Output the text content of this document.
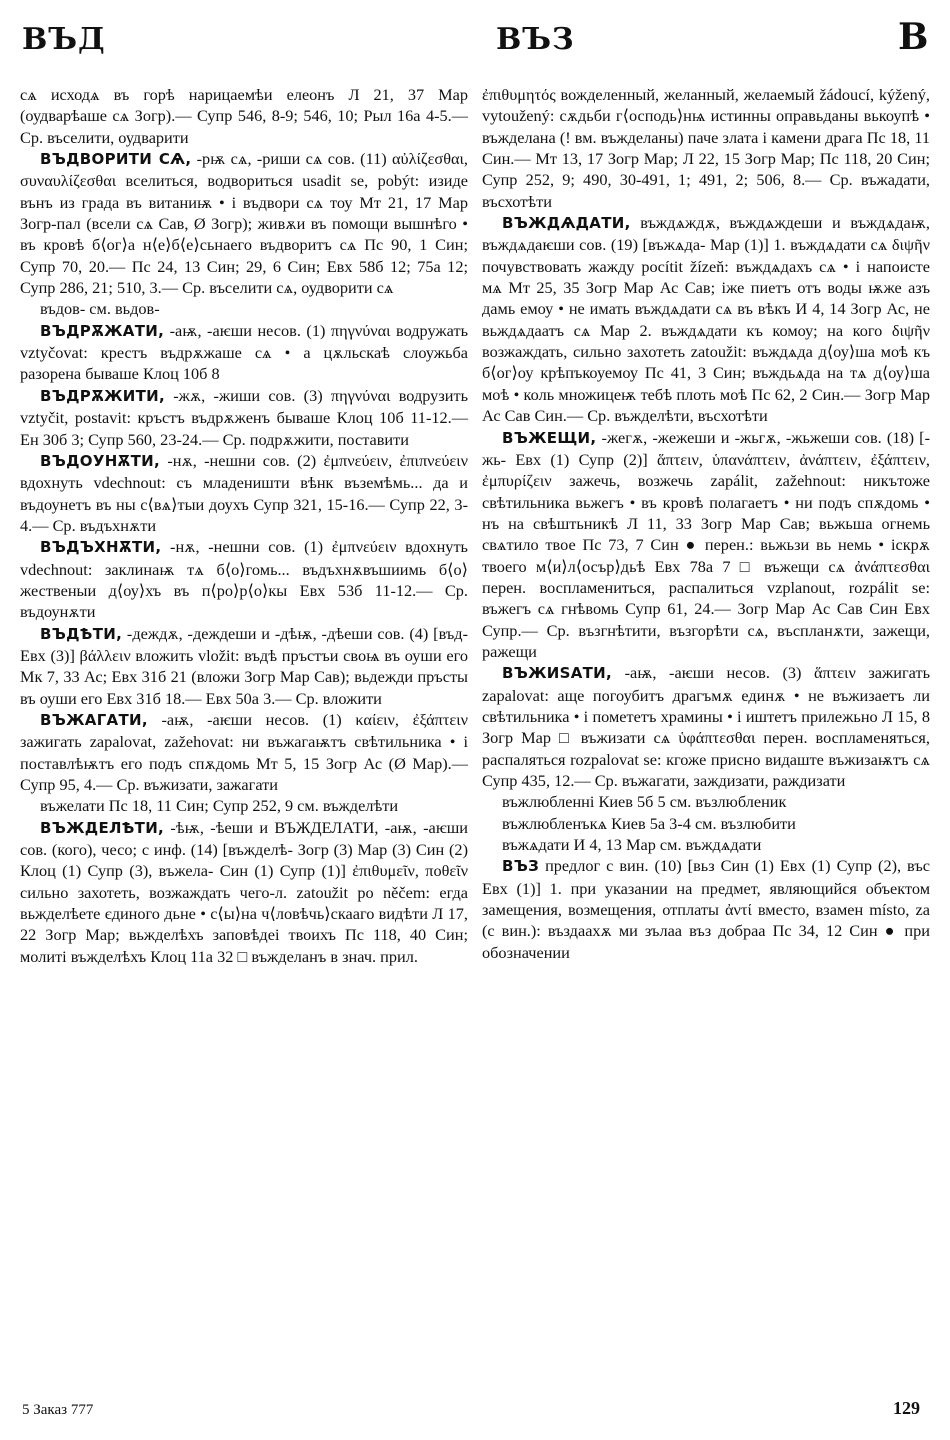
ВЪД	ВЪЗ	В

сѧ исходѧ въ горѣ нарицаемѣи елеонъ Л 21, 37 Мар (оудварѣаше сѧ Зогр).— Супр 546, 8-9; 546, 10; Рыл 16а 4-5.— Ср. въселити, оудварити

ВЪДВОРИТИ СѦ, -рѭ сѧ, -риши сѧ сов. (11) αὐλίζεσθαι, συναυλίζεσθαι вселиться, водвориться usadit se, pobýt: изиде вънъ из града въ витаниѭ • і въдвори сѧ тоу Мт 21, 17 Мар Зогр-пал (всели сѧ Сав, Ø Зогр); живѫи въ помощи вышнѣго • въ кровѣ б⟨ог⟩а н⟨е⟩б⟨е⟩сьнаего въдворитъ сѧ Пс 90, 1 Син; Супр 70, 20.— Пс 24, 13 Син; 29, 6 Син; Евх 58б 12; 75а 12; Супр 286, 21; 510, 3.— Ср. въселити сѧ, оудворити сѧ

въдов- см. вьдов-

ВЪДРѪЖАТИ, -аѭ, -аѥши несов. (1) πηγνύναι водружать vztyčovat: крестъ въдрѫжаше сѧ • а цѫльскаѣ слоужьба разорена бываше Клоц 10б 8

ВЪДРѪЖИТИ, -жѫ, -жиши сов. (3) πηγνύναι водрузить vztyčit, postavit: кръстъ въдрѫженъ бываше Клоц 10б 11-12.— Ен 30б 3; Супр 560, 23-24.— Ср. подрѫжити, поставити

ВЪДОУНѪТИ, -нѫ, -нешни сов. (2) ἐμπνεύειν, ἐπιπνεύειν вдохнуть vdechnout: съ младеништи вѣнк въземѣмь... да и въдоунетъ въ ны с⟨вѧ⟩тыи доухъ Супр 321, 15-16.— Супр 22, 3-4.— Ср. въдъхнѫти

ВЪДЪХНѪТИ, -нѫ, -нешни сов. (1) ἐμπνεύειν вдохнуть vdechnout: заклинаѭ тѧ б⟨о⟩гомь... въдъхнѫвъшиимь б⟨о⟩жественыи д⟨оу⟩хъ въ п⟨ро⟩р⟨о⟩кы Евх 53б 11-12.— Ср. въдоунѫти

ВЪДѢТИ, -деждѫ, -деждеши и -дѣѭ, -дѣеши сов. (4) [въд- Евх (3)] βάλλειν вложить vložit: въдѣ пръстъи своѩ въ оуши его Мк 7, 33 Ас; Евх 31б 21 (вложи Зогр Мар Сав); вьдежди пръсты въ оуши его Евх 31б 18.— Евх 50а 3.— Ср. вложити

ВЪЖАГАТИ, -аѭ, -аѥши несов. (1) καίειν, ἐξάπτειν зажигать zapalovat, zažehovat: ни въжагаѭтъ свѣтильника • і поставлѣѭтъ его подъ спѫдомь Мт 5, 15 Зогр Ас (Ø Мар).— Супр 95, 4.— Ср. въжизати, зажагати

въжелати Пс 18, 11 Син; Супр 252, 9 см. въжделѣти

ВЪЖДЕЛѢТИ, -ѣѭ, -ѣеши и ВЪЖДЕЛАТИ, -аѭ, -аѥши сов. (кого), чесо; с инф. (14) [въжделѣ- Зогр (3) Мар (3) Син (2) Клоц (1) Супр (3), въжела- Син (1) Супр (1)] ἐπιθυμεῖν, ποθεῖν сильно захотеть, возжаждать чего-л. zatoužit po něčem: егда вьжделѣете єдиного дьне • с⟨ы⟩на ч⟨ловѣчь⟩скааго видѣти Л 17, 22 Зогр Мар; вьжделѣхъ заповѣдеі твоихъ Пс 118, 40 Син; молитi въжделѣхъ Клоц 11а 32 □ въжделанъ в знач. прил.

ἐπιθυμητός вожделенный, желанный, желаемый žádoucí, kýžený, vytoužený: сѫдьби г⟨осподь⟩нѩ истинны оправьданы вькоупѣ • въжделана (! вм. въжделаны) паче злата і камени драга Пс 18, 11 Син.— Мт 13, 17 Зогр Мар; Л 22, 15 Зогр Мар; Пс 118, 20 Син; Супр 252, 9; 490, 30-491, 1; 491, 2; 506, 8.— Ср. въжадати, въсхотѣти

ВЪЖДѦДАТИ, въждѧждѫ, въждѧждеши и въждѧдаѭ, въждѧдаѥши сов. (19) [въжѧда- Мар (1)] 1. въждѧдати сѧ διψῆν почувствовать жажду pocítit žízeň: въждѧдахъ сѧ • і напоисте мѧ Мт 25, 35 Зогр Мар Ас Сав; іже пиетъ отъ воды ѭже азъ дамь емоу • не имать въждѧдати сѧ въ вѣкъ И 4, 14 Зогр Ас, не вьждѧдаатъ сѧ Мар 2. въждѧдати къ комоу; на кого διψῆν возжаждать, сильно захотеть zatoužit: въждѧда д⟨оу⟩ша моѣ къ б⟨ог⟩оу крѣпъкоуемоу Пс 41, 3 Син; въждьѧда на тѧ д⟨оу⟩ша моѣ • коль множицеѭ тебѣ плоть моѣ Пс 62, 2 Син.— Зогр Мар Ас Сав Син.— Ср. въжделѣти, въсхотѣти

ВЪЖЕЩИ, -жегѫ, -жежеши и -жьгѫ, -жьжеши сов. (18) [-жь- Евх (1) Супр (2)] ἅπτειν, ὑπανάπτειν, ἀνάπτειν, ἐξάπτειν, ἐμπυρίζειν зажечь, возжечь zapálit, zažehnout: никътоже свѣтильника вьжегъ • въ кровѣ полагаетъ • ни подъ спѫдомь • нъ на свѣштьникѣ Л 11, 33 Зогр Мар Сав; вьжьша огнемь свѧтило твое Пс 73, 7 Син ● перен.: вьжьзи вь немь • іскрѫ твоего м⟨и⟩л⟨осър⟩дьѣ Евх 78а 7 □ въжещи сѧ ἀνάπτεσθαι перен. воспламениться, распалиться vzplanout, rozpálit se: въжегъ сѧ гнѣвомь Супр 61, 24.— Зогр Мар Ас Сав Син Евх Супр.— Ср. възгнѣтити, възгорѣти сѧ, въспланѫти, зажещи, ражещи

ВЪЖИЅАТИ, -аѭ, -аѥши несов. (3) ἅπτειν зажигать zapalovat: аще погоубитъ драгъмѫ единѫ • не въжизаетъ ли свѣтильника • і помететъ храмины • і иштетъ прилежьно Л 15, 8 Зогр Мар □ въжизати сѧ ὑφάπτεσθαι перен. воспламеняться, распаляться rozpalovat se: кгоже присно видаште въжизаѭтъ сѧ Супр 435, 12.— Ср. въжагати, заждизати, раждизати

въжлюбленнi Киев 5б 5 см. възлюбленик

въжлюбленъкѧ Киев 5а 3-4 см. възлюбити

въжѧдати И 4, 13 Мар см. въждѧдати

ВЪЗ предлог с вин. (10) [вьз Син (1) Евх (1) Супр (2), въс Евх (1)] 1. при указании на предмет, являющийся объектом замещения, возмещения, отплаты ἀντί вместо, взамен místo, za (с вин.): въздаахѫ ми зълаа въз добраа Пс 34, 12 Син ● при обозначении

5 Заказ 777	129
